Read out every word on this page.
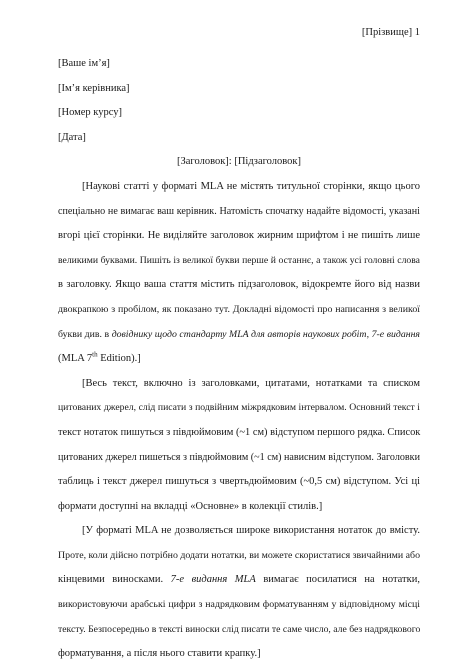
[Прізвище] 1
[Ваше ім’я]
[Ім’я керівника]
[Номер курсу]
[Дата]
[Заголовок]: [Підзаголовок]
[Наукові статті у форматі MLA не містять титульної сторінки, якщо цього
спеціально не вимагає ваш керівник. Натомість спочатку надайте відомості, указані
вгорі цієї сторінки. Не виділяйте заголовок жирним шрифтом і не пишіть лише
великими буквами. Пишіть із великої букви перше й останнє, а також усі головні слова
в заголовку. Якщо ваша стаття містить підзаголовок, відокремте його від назви
двокрапкою з пробілом, як показано тут. Докладні відомості про написання з великої
букви див. в довіднику щодо стандарту MLA для авторів наукових робіт, 7-е видання
(MLA 7th Edition).]
[Весь текст, включно із заголовками, цитатами, нотатками та списком
цитованих джерел, слід писати з подвійним міжрядковим інтервалом. Основний текст і
текст нотаток пишуться з півдюймовим (~1 см) відступом першого рядка. Список
цитованих джерел пишеться з півдюймовим (~1 см) нависним відступом. Заголовки
таблиць і текст джерел пишуться з чвертьдюймовим (~0,5 см) відступом. Усі ці
формати доступні на вкладці «Основне» в колекції стилів.]
[У форматі MLA не дозволяється широке використання нотаток до вмісту.
Проте, коли дійсно потрібно додати нотатки, ви можете скористатися звичайними або
кінцевими виносками. 7-е видання MLA вимагає посилатися на нотатки,
використовуючи арабські цифри з надрядковим форматуванням у відповідному місці
тексту. Безпосередньо в тексті виноски слід писати те саме число, але без надрядкового
форматування, а після нього ставити крапку.]
